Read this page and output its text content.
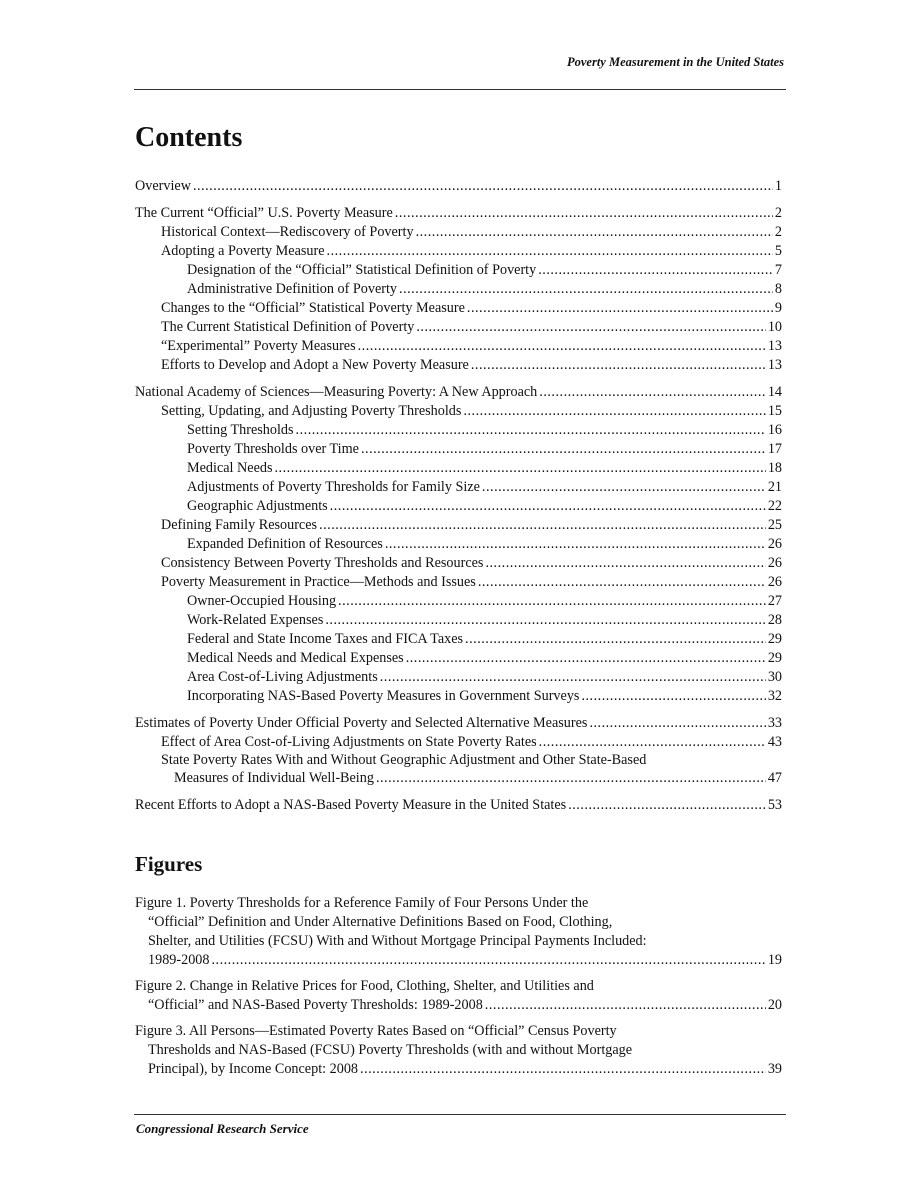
Poverty Measurement in the United States
Contents
Overview .....	1
The Current “Official” U.S. Poverty Measure .....	2
Historical Context—Rediscovery of Poverty .....	2
Adopting a Poverty Measure .....	5
Designation of the “Official” Statistical Definition of Poverty .....	7
Administrative Definition of Poverty .....	8
Changes to the “Official” Statistical Poverty Measure .....	9
The Current Statistical Definition of Poverty .....	10
“Experimental” Poverty Measures .....	13
Efforts to Develop and Adopt a New Poverty Measure .....	13
National Academy of Sciences—Measuring Poverty: A New Approach .....	14
Setting, Updating, and Adjusting Poverty Thresholds .....	15
Setting Thresholds .....	16
Poverty Thresholds over Time .....	17
Medical Needs .....	18
Adjustments of Poverty Thresholds for Family Size .....	21
Geographic Adjustments .....	22
Defining Family Resources .....	25
Expanded Definition of Resources .....	26
Consistency Between Poverty Thresholds and Resources .....	26
Poverty Measurement in Practice—Methods and Issues .....	26
Owner-Occupied Housing .....	27
Work-Related Expenses .....	28
Federal and State Income Taxes and FICA Taxes .....	29
Medical Needs and Medical Expenses .....	29
Area Cost-of-Living Adjustments .....	30
Incorporating NAS-Based Poverty Measures in Government Surveys .....	32
Estimates of Poverty Under Official Poverty and Selected Alternative Measures .....	33
Effect of Area Cost-of-Living Adjustments on State Poverty Rates .....	43
State Poverty Rates With and Without Geographic Adjustment and Other State-Based
Measures of Individual Well-Being .....	47
Recent Efforts to Adopt a NAS-Based Poverty Measure in the United States .....	53
Figures
Figure 1. Poverty Thresholds for a Reference Family of Four Persons Under the
“Official” Definition and Under Alternative Definitions Based on Food, Clothing,
Shelter, and Utilities (FCSU) With and Without Mortgage Principal Payments Included:
1989-2008 .....	19
Figure 2. Change in Relative Prices for Food, Clothing, Shelter, and Utilities and
“Official” and NAS-Based Poverty Thresholds: 1989-2008 .....	20
Figure 3. All Persons—Estimated Poverty Rates Based on “Official” Census Poverty
Thresholds and NAS-Based (FCSU) Poverty Thresholds (with and without Mortgage
Principal), by Income Concept: 2008 .....	39
Congressional Research Service
